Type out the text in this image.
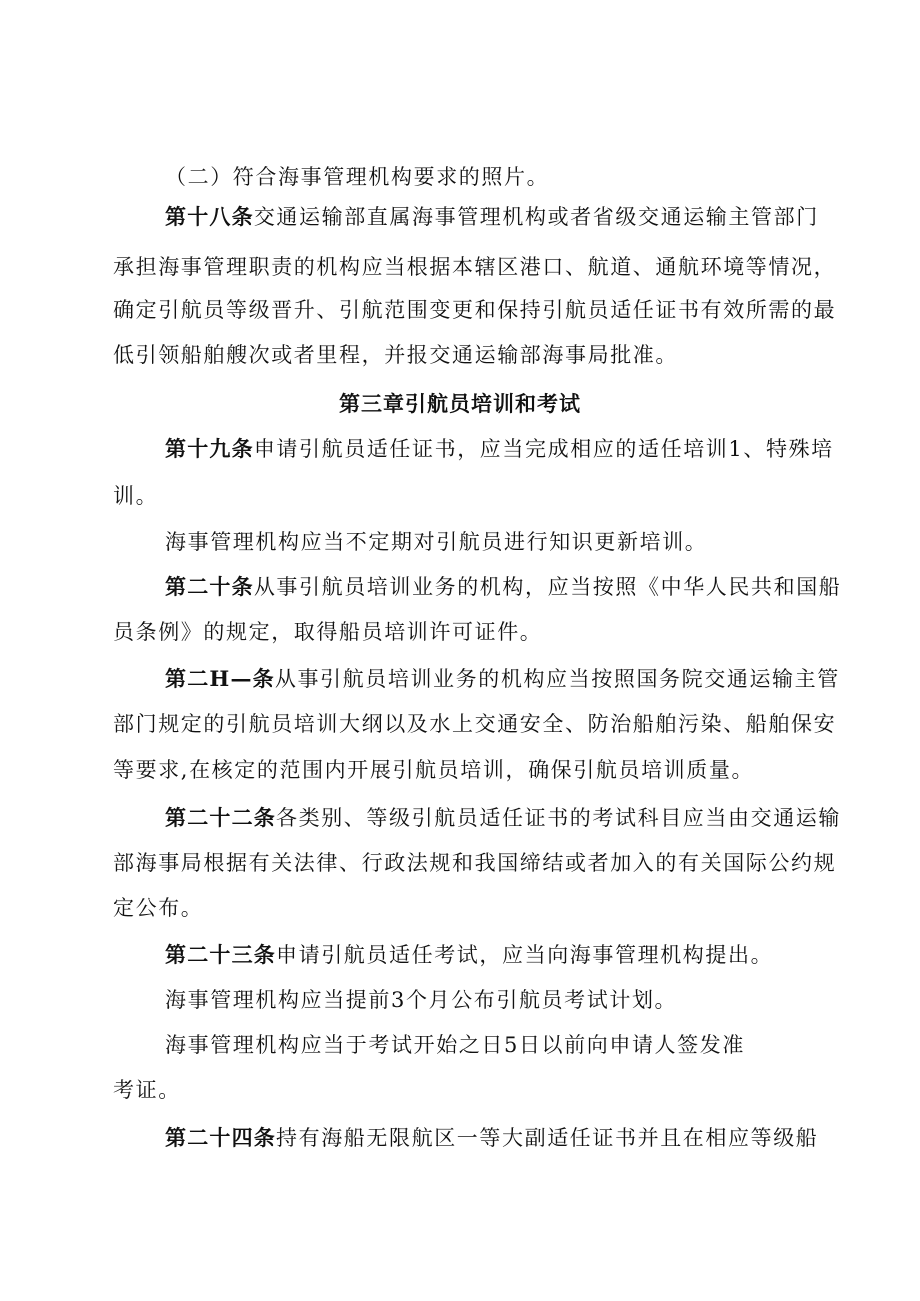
（二）符合海事管理机构要求的照片。
第十八条交通运输部直属海事管理机构或者省级交通运输主管部门
承担海事管理职责的机构应当根据本辖区港口、航道、通航环境等情况，
确定引航员等级晋升、引航范围变更和保持引航员适任证书有效所需的最
低引领船舶艘次或者里程，并报交通运输部海事局批准。
第三章引航员培训和考试
第十九条申请引航员适任证书，应当完成相应的适任培训1、特殊培
训。
海事管理机构应当不定期对引航员进行知识更新培训。
第二十条从事引航员培训业务的机构，应当按照《中华人民共和国船
员条例》的规定，取得船员培训许可证件。
第二H—条从事引航员培训业务的机构应当按照国务院交通运输主管
部门规定的引航员培训大纲以及水上交通安全、防治船舶污染、船舶保安
等要求,在核定的范围内开展引航员培训，确保引航员培训质量。
第二十二条各类别、等级引航员适任证书的考试科目应当由交通运输
部海事局根据有关法律、行政法规和我国缔结或者加入的有关国际公约规
定公布。
第二十三条申请引航员适任考试，应当向海事管理机构提出。
海事管理机构应当提前3个月公布引航员考试计划。
海事管理机构应当于考试开始之日5日以前向申请人签发准
考证。
第二十四条持有海船无限航区一等大副适任证书并且在相应等级船
